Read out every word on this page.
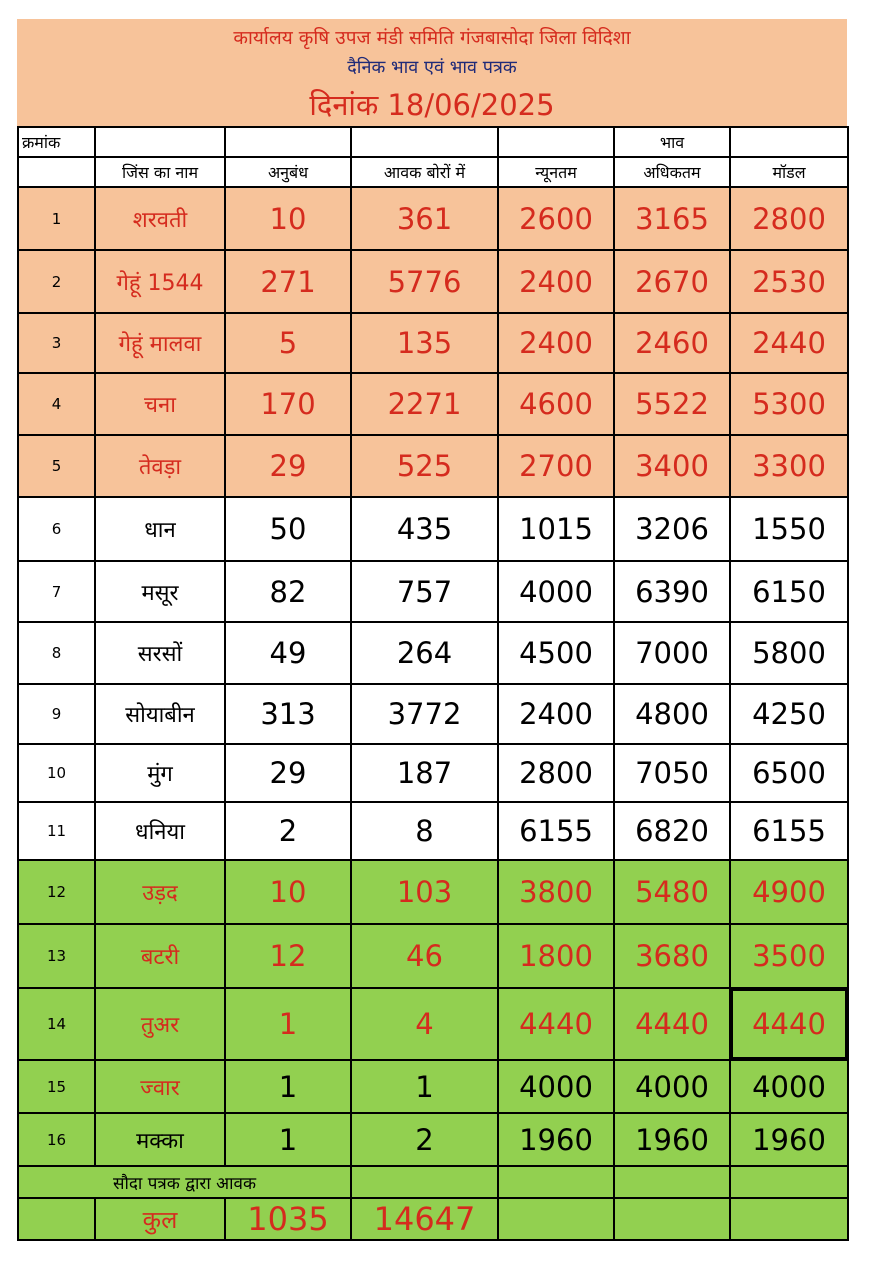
कार्यालय कृषि उपज मंडी समिति गंजबासोदा जिला विदिशा
दैनिक भाव एवं भाव पत्रक
दिनांक 18/06/2025
क्रमांक					भाव	
	जिंस का नाम	अनुबंध	आवक बोरों में	न्यूनतम	अधिकतम	मॉडल
1	शरवती	10	361	2600	3165	2800
2	गेहूं 1544	271	5776	2400	2670	2530
3	गेहूं मालवा	5	135	2400	2460	2440
4	चना	170	2271	4600	5522	5300
5	तेवड़ा	29	525	2700	3400	3300
6	धान	50	435	1015	3206	1550
7	मसूर	82	757	4000	6390	6150
8	सरसों	49	264	4500	7000	5800
9	सोयाबीन	313	3772	2400	4800	4250
10	मुंग	29	187	2800	7050	6500
11	धनिया	2	8	6155	6820	6155
12	उड़द	10	103	3800	5480	4900
13	बटरी	12	46	1800	3680	3500
14	तुअर	1	4	4440	4440	4440
15	ज्वार	1	1	4000	4000	4000
16	मक्का	1	2	1960	1960	1960
सौदा पत्रक द्वारा आवक						
	कुल	1035	14647			
